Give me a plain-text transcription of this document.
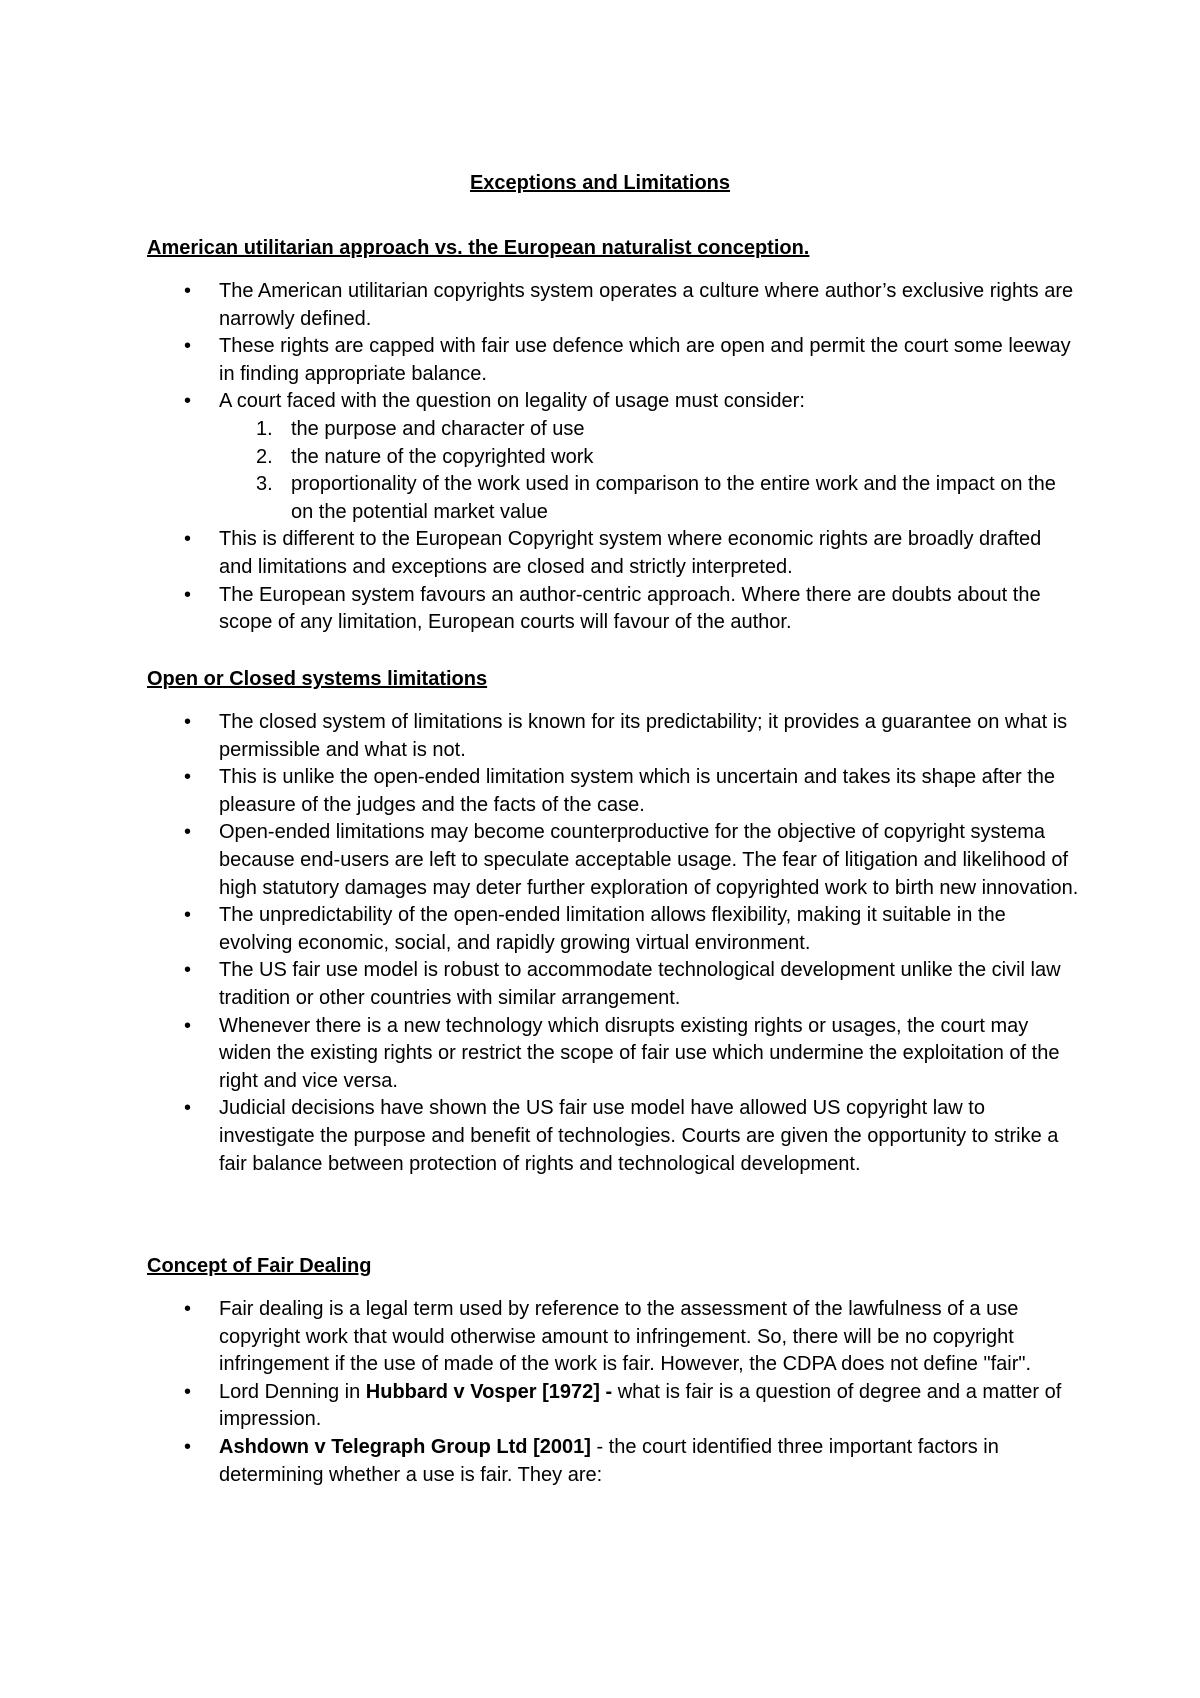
Exceptions and Limitations
American utilitarian approach vs. the European naturalist conception.
• The American utilitarian copyrights system operates a culture where author’s exclusive rights are narrowly defined.
• These rights are capped with fair use defence which are open and permit the court some leeway in finding appropriate balance.
• A court faced with the question on legality of usage must consider:
1. the purpose and character of use
2. the nature of the copyrighted work
3. proportionality of the work used in comparison to the entire work and the impact on the on the potential market value
• This is different to the European Copyright system where economic rights are broadly drafted and limitations and exceptions are closed and strictly interpreted.
• The European system favours an author-centric approach. Where there are doubts about the scope of any limitation, European courts will favour of the author.
Open or Closed systems limitations
• The closed system of limitations is known for its predictability; it provides a guarantee on what is permissible and what is not.
• This is unlike the open-ended limitation system which is uncertain and takes its shape after the pleasure of the judges and the facts of the case.
• Open-ended limitations may become counterproductive for the objective of copyright systema because end-users are left to speculate acceptable usage. The fear of litigation and likelihood of high statutory damages may deter further exploration of copyrighted work to birth new innovation.
• The unpredictability of the open-ended limitation allows flexibility, making it suitable in the evolving economic, social, and rapidly growing virtual environment.
• The US fair use model is robust to accommodate technological development unlike the civil law tradition or other countries with similar arrangement.
• Whenever there is a new technology which disrupts existing rights or usages, the court may widen the existing rights or restrict the scope of fair use which undermine the exploitation of the right and vice versa.
• Judicial decisions have shown the US fair use model have allowed US copyright law to investigate the purpose and benefit of technologies. Courts are given the opportunity to strike a fair balance between protection of rights and technological development.
Concept of Fair Dealing
• Fair dealing is a legal term used by reference to the assessment of the lawfulness of a use copyright work that would otherwise amount to infringement. So, there will be no copyright infringement if the use of made of the work is fair. However, the CDPA does not define "fair".
• Lord Denning in Hubbard v Vosper [1972] - what is fair is a question of degree and a matter of impression.
• Ashdown v Telegraph Group Ltd [2001] - the court identified three important factors in determining whether a use is fair. They are:
